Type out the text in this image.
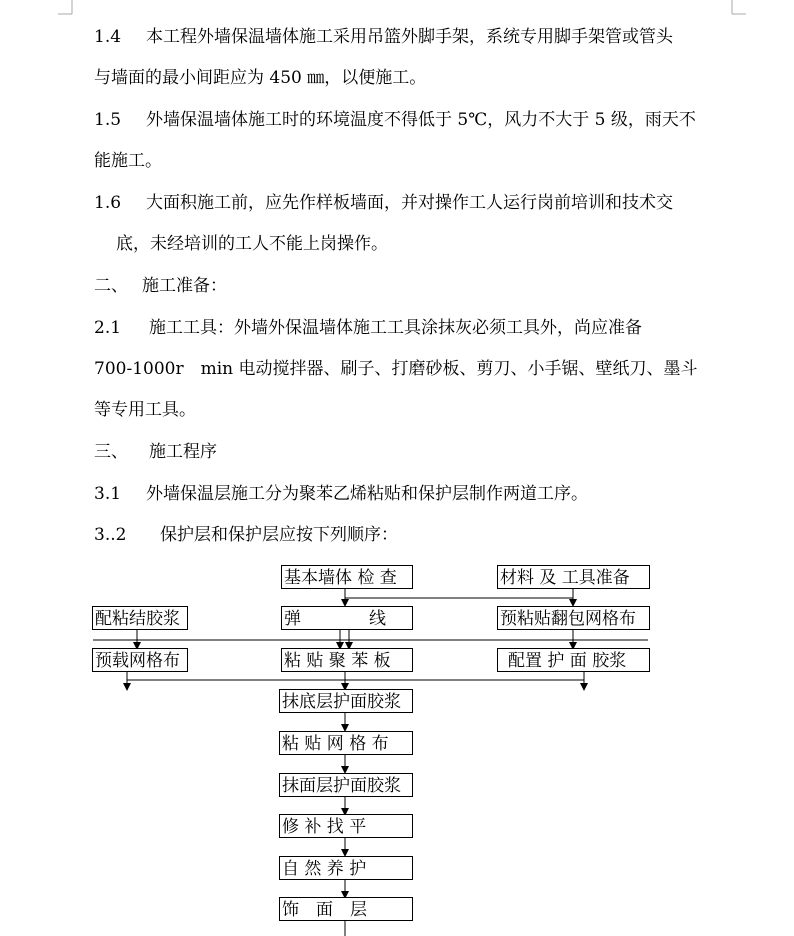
1.4 本工程外墙保温墙体施工采用吊篮外脚手架，系统专用脚手架管或管头
与墙面的最小间距应为 450 ㎜，以便施工。
1.5 外墙保温墙体施工时的环境温度不得低于 5℃，风力不大于 5 级，雨天不
能施工。
1.6 大面积施工前，应先作样板墙面，并对操作工人运行岗前培训和技术交
底，未经培训的工人不能上岗操作。
二、 施工准备：
2.1 施工工具：外墙外保温墙体施工工具涂抹灰必须工具外，尚应准备
700-1000r　min 电动搅拌器、刷子、打磨砂板、剪刀、小手锯、壁纸刀、墨斗
等专用工具。
三、 施工程序
3.1 外墙保温层施工分为聚苯乙烯粘贴和保护层制作两道工序。
3..2 保护层和保护层应按下列顺序：
基本墙体 检 查	材料 及 工具准备
配粘结胶浆	弹　　　　线	预粘贴翻包网格布
预载网格布	粘 贴 聚 苯 板	配置 护 面 胶浆
抹底层护面胶浆
粘 贴 网 格 布
抹面层护面胶浆
修 补 找 平
自 然 养 护
饰　面　层
